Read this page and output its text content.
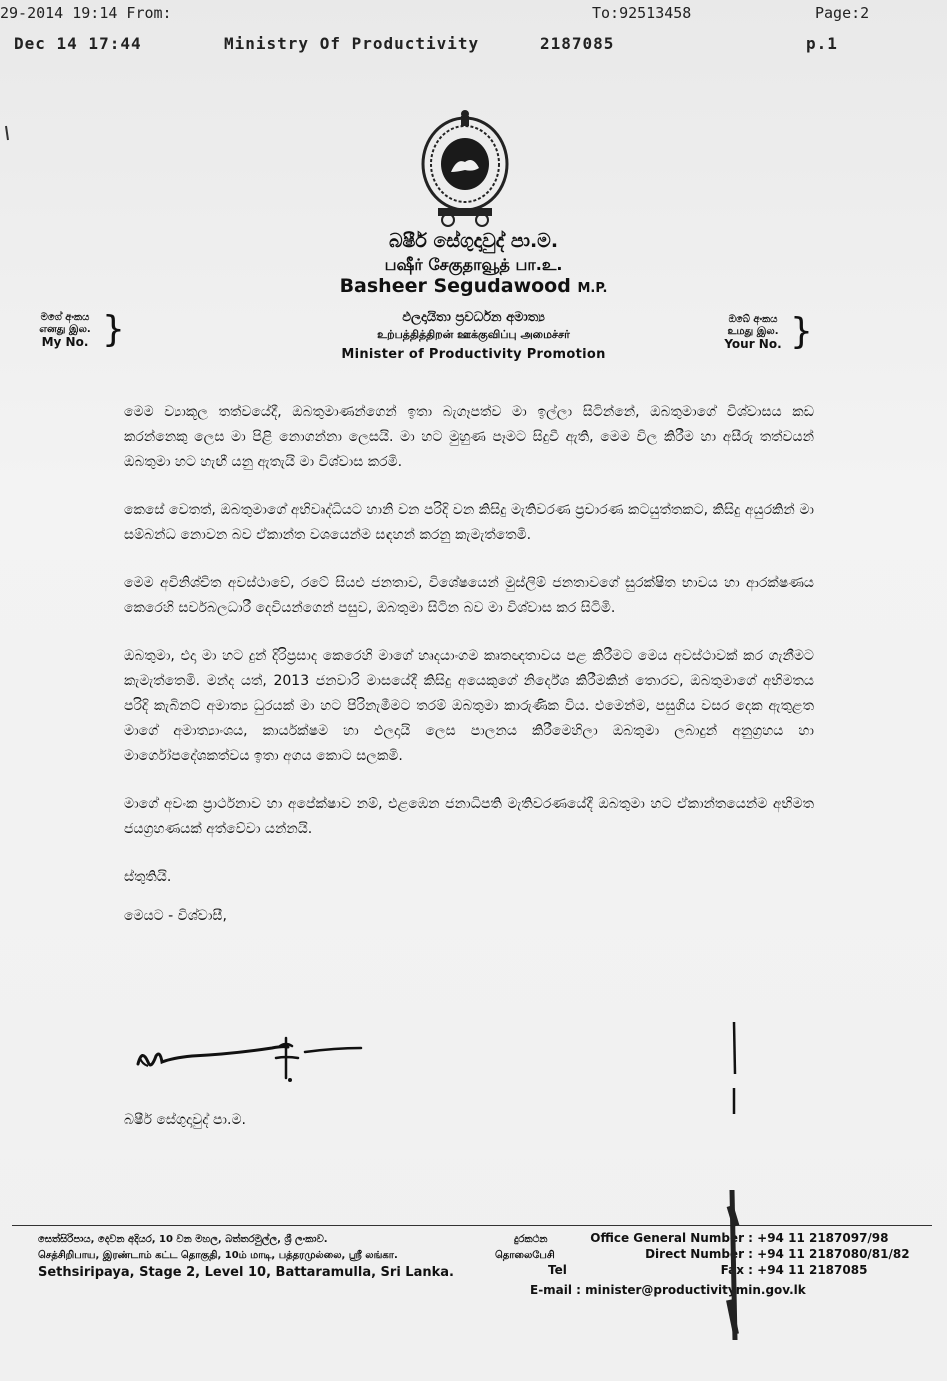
29-2014 19:14 From:	To:92513458	Page:2
Dec 14 17:44	Ministry Of Productivity	2187085	p.1
බෂීර් සේගුදාවුද් පා.ම.
பஷீர் சேகுதாவூத் பா.உ.
Basheer Segudawood M.P.
ඵලදායිතා ප්‍රවර්ධන අමාත්‍ය
உற்பத்தித்திறன் ஊக்குவிப்பு அமைச்சர்
Minister of Productivity Promotion
මගේ අංකය
எனது இல.
My No. }	ඔබේ අංකය
உமது இல.
Your No. }

මෙම ව්‍යාකූල තත්වයේදී, ඔබතුමාණන්ගෙන් ඉතා බැගෑපත්ව මා ඉල්ලා සිටින්නේ, ඔබතුමාගේ විශ්වාසය කඩ කරන්නෙකු ලෙස මා පිළි නොගන්නා ලෙසයි. මා හට මුහුණ පෑමට සිදුවී ඇති, මෙම විල කිරීම හා අසීරු තත්වයන් ඔබතුමා හට හැඟී යනු ඇතැයි මා විශ්වාස කරමි.

කෙසේ වෙතත්, ඔබතුමාගේ අභිවෘද්ධියට හානි වන පරිදි වන කිසිදු මැතිවරණ ප්‍රචාරණ කටයුත්තකට, කිසිදු අයුරකින් මා සම්බන්ධ නොවන බව ඒකාන්ත වශයෙන්ම සඳහන් කරනු කැමැත්තෙමි.

මෙම අවිනිශ්චිත අවස්ථාවේ, රටේ සියළු ජනතාව, විශේෂයෙන් මුස්ලිම් ජනතාවගේ සුරක්ෂිත භාවය හා ආරක්ෂණය කෙරෙහි සර්වබලධාරී දෙවියන්ගෙන් පසුව, ඔබතුමා සිටින බව මා විශ්වාස කර සිටිමි.

ඔබතුමා, එදා මා හට දුන් දිරිප්‍රසාද කෙරෙහි මාගේ හෘදයාංගම කෘතඥතාවය පළ කිරීමට මෙය අවස්ථාවක් කර ගැනීමට කැමැත්තෙමි. මන්ද යත්, 2013 ජනවාරි මාසයේදී කිසිදු අයෙකුගේ නිර්දේශ කිරීමකින් තොරව, ඔබතුමාගේ අභිමතය පරිදි කැබිනට් අමාත්‍ය ධුරයක් මා හට පිරිනැමීමට තරම් ඔබතුමා කාරුණික විය. එමෙන්ම, පසුගිය වසර දෙක ඇතුළත මාගේ අමාත්‍යාංශය, කාර්යක්ෂම හා ඵලදායි ලෙස පාලනය කිරීමෙහිලා ඔබතුමා ලබාදුන් අනුග්‍රහය හා මාර්ගෝපදේශකත්වය ඉතා අගය කොට සලකමි.

මාගේ අවංක ප්‍රාර්ථනාව හා අපේක්ෂාව නම්, එළඹෙන ජනාධිපති මැතිවරණයේදී ඔබතුමා හට ඒකාන්තයෙන්ම අභිමත ජයග්‍රහණයක් අත්වේවා යන්නයි.

ස්තුතියි.

මෙයට - විශ්වාසී,

බෂීර් සේගුදාවුද් පා.ම.
සෙත්සිරිපාය, දෙවන අදියර, 10 වන මහල, බත්තරමුල්ල, ශ්‍රී ලංකාව.
செத்சிறிபாய, இரண்டாம் கட்ட தொகுதி, 10ம் மாடி, பத்தரமுல்லை, ஸ்ரீ லங்கா.
Sethsiripaya, Stage 2, Level 10, Battaramulla, Sri Lanka.
දුරකථන
தொலைபேசி
Tel
Office General Number : +94 11 2187097/98
Direct Number : +94 11 2187080/81/82
Fax : +94 11 2187085
E-mail : minister@productivitymin.gov.lk
